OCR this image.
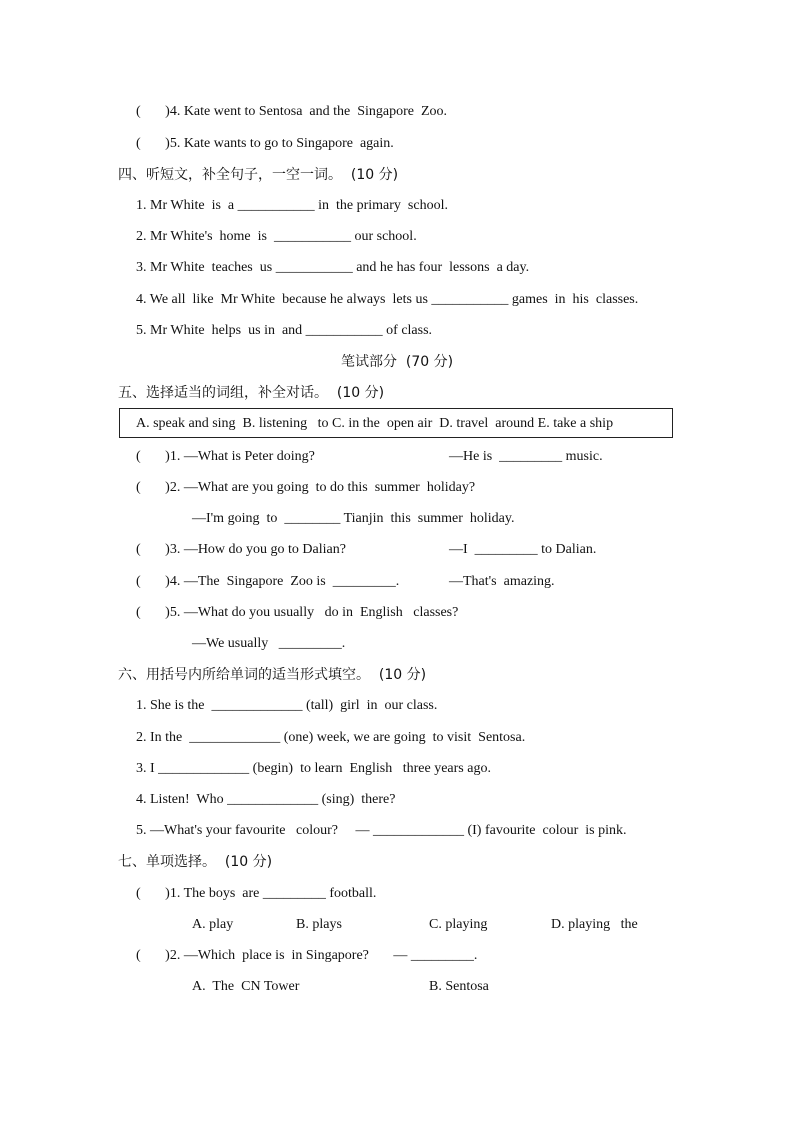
(       )4. Kate went to Sentosa  and the  Singapore  Zoo.
(       )5. Kate wants to go to Singapore  again.
四、听短文，补全句子，一空一词。  (10 分)
1. Mr White  is  a ___________ in  the primary  school.
2. Mr White's  home  is  ___________ our school.
3. Mr White  teaches  us ___________ and he has four  lessons  a day.
4. We all  like  Mr White  because he always  lets us ___________ games  in  his  classes.
5. Mr White  helps  us in  and ___________ of class.
笔试部分  (70 分)
五、选择适当的词组，补全对话。  (10 分)
A. speak and sing  B. listening   to C. in the  open air  D. travel  around E. take a ship
(       )1. —What is Peter doing?	—He is  _________ music.
(       )2. —What are you going  to do this  summer  holiday?
—I'm going  to  ________ Tianjin  this  summer  holiday.
(       )3. —How do you go to Dalian?	—I  _________ to Dalian.
(       )4. —The  Singapore  Zoo is  _________.	—That's  amazing.
(       )5. —What do you usually   do in  English   classes?
—We usually   _________.
六、用括号内所给单词的适当形式填空。  (10 分)
1. She is the  _____________ (tall)  girl  in  our class.
2. In the  _____________ (one) week, we are going  to visit  Sentosa.
3. I _____________ (begin)  to learn  English   three years ago.
4. Listen!  Who _____________ (sing)  there?
5. —What's your favourite   colour?     — _____________ (I) favourite  colour  is pink.
七、单项选择。  (10 分)
(       )1. The boys  are _________ football.
A. play	B. plays	C. playing	D. playing   the
(       )2. —Which  place is  in Singapore?       — _________.
A.  The  CN Tower	B. Sentosa
